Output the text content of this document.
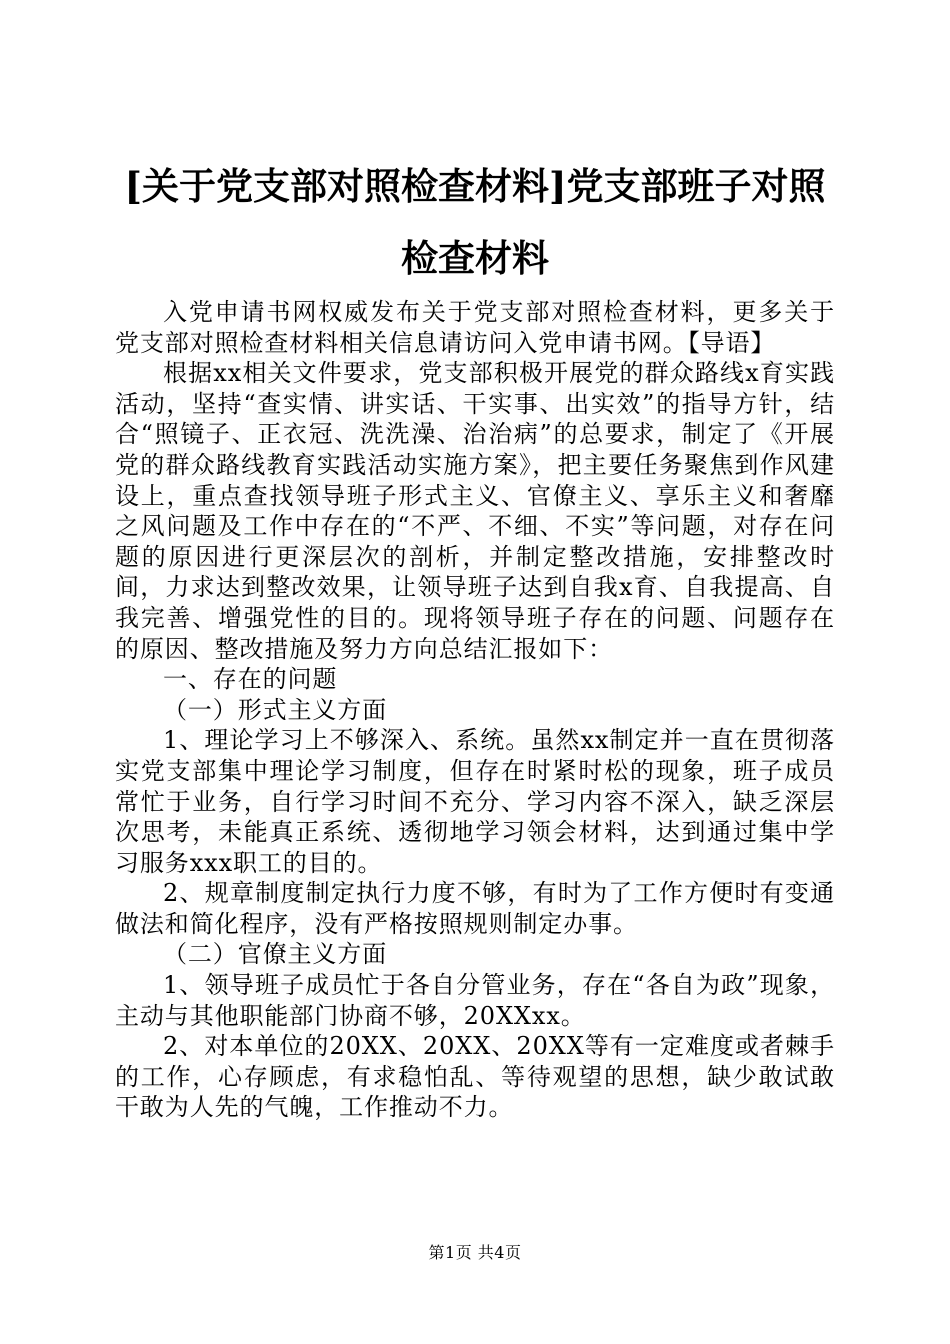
[关于党支部对照检查材料]党支部班子对照检查材料

入党申请书网权威发布关于党支部对照检查材料，更多关于党支部对照检查材料相关信息请访问入党申请书网。【导语】

根据xx相关文件要求，党支部积极开展党的群众路线x育实践活动，坚持“查实情、讲实话、干实事、出实效”的指导方针，结合“照镜子、正衣冠、洗洗澡、治治病”的总要求，制定了《开展党的群众路线教育实践活动实施方案》，把主要任务聚焦到作风建设上，重点查找领导班子形式主义、官僚主义、享乐主义和奢靡之风问题及工作中存在的“不严、不细、不实”等问题，对存在问题的原因进行更深层次的剖析，并制定整改措施，安排整改时间，力求达到整改效果，让领导班子达到自我x育、自我提高、自我完善、增强党性的目的。现将领导班子存在的问题、问题存在的原因、整改措施及努力方向总结汇报如下：

一、存在的问题

（一）形式主义方面

1、理论学习上不够深入、系统。虽然xx制定并一直在贯彻落实党支部集中理论学习制度，但存在时紧时松的现象，班子成员常忙于业务，自行学习时间不充分、学习内容不深入，缺乏深层次思考，未能真正系统、透彻地学习领会材料，达到通过集中学习服务xxx职工的目的。

2、规章制度制定执行力度不够，有时为了工作方便时有变通做法和简化程序，没有严格按照规则制定办事。

（二）官僚主义方面

1、领导班子成员忙于各自分管业务，存在“各自为政”现象，主动与其他职能部门协商不够，20XXxx。

2、对本单位的20XX、20XX、20XX等有一定难度或者棘手的工作，心存顾虑，有求稳怕乱、等待观望的思想，缺少敢试敢干敢为人先的气魄，工作推动不力。

第1页 共4页
